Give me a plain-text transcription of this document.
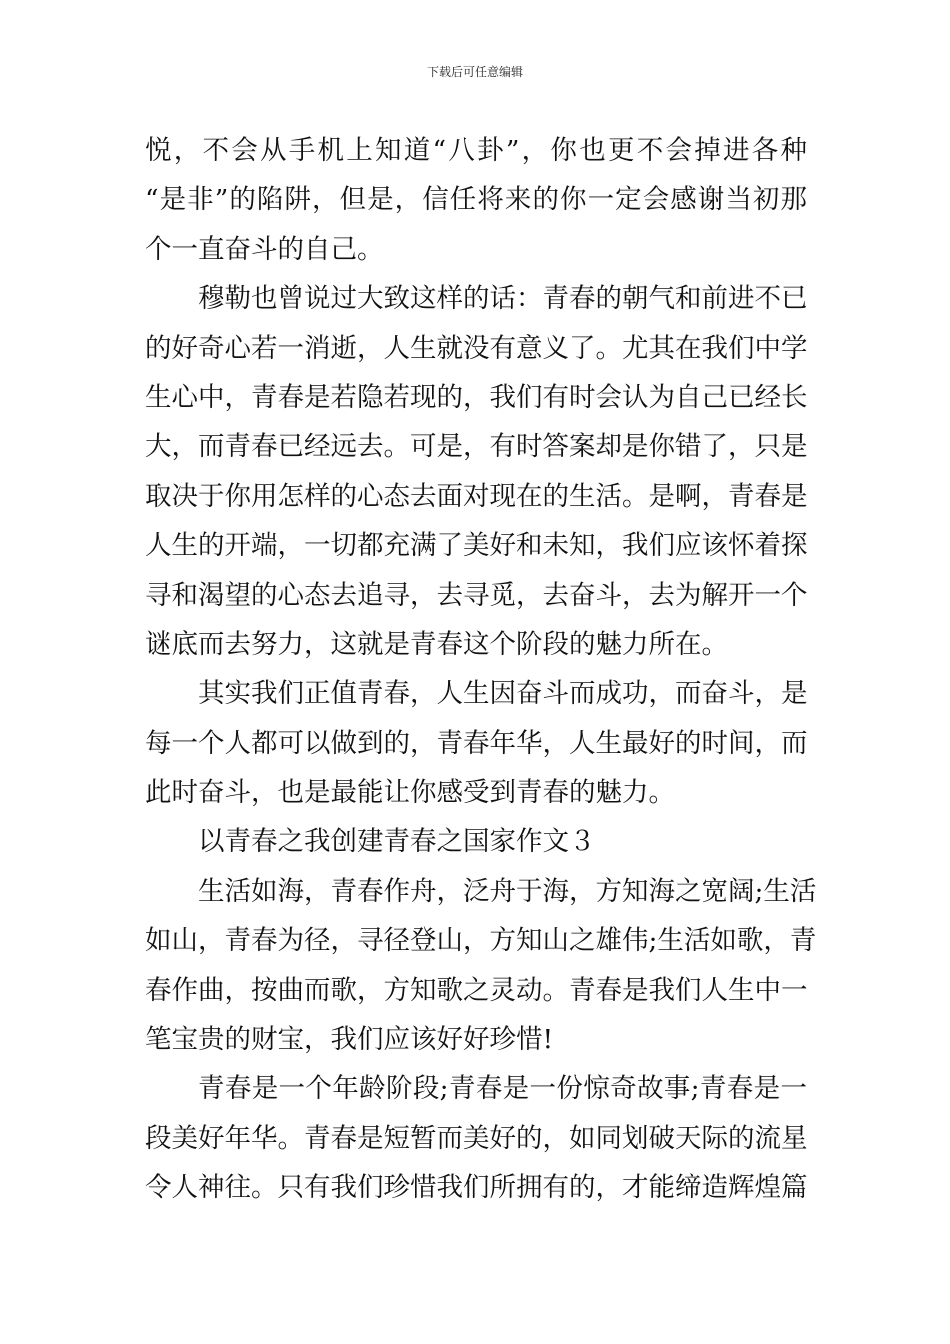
下载后可任意编辑
悦，不会从手机上知道“八卦”，你也更不会掉进各种
“是非”的陷阱，但是，信任将来的你一定会感谢当初那
个一直奋斗的自己。
穆勒也曾说过大致这样的话：青春的朝气和前进不已
的好奇心若一消逝，人生就没有意义了。尤其在我们中学
生心中，青春是若隐若现的，我们有时会认为自己已经长
大，而青春已经远去。可是，有时答案却是你错了，只是
取决于你用怎样的心态去面对现在的生活。是啊，青春是
人生的开端，一切都充满了美好和未知，我们应该怀着探
寻和渴望的心态去追寻，去寻觅，去奋斗，去为解开一个
谜底而去努力，这就是青春这个阶段的魅力所在。
其实我们正值青春，人生因奋斗而成功，而奋斗，是
每一个人都可以做到的，青春年华，人生最好的时间，而
此时奋斗，也是最能让你感受到青春的魅力。
以青春之我创建青春之国家作文３
生活如海，青春作舟，泛舟于海，方知海之宽阔;生活
如山，青春为径，寻径登山，方知山之雄伟;生活如歌，青
春作曲，按曲而歌，方知歌之灵动。青春是我们人生中一
笔宝贵的财宝，我们应该好好珍惜!
青春是一个年龄阶段;青春是一份惊奇故事;青春是一
段美好年华。青春是短暂而美好的，如同划破天际的流星
令人神往。只有我们珍惜我们所拥有的，才能缔造辉煌篇
